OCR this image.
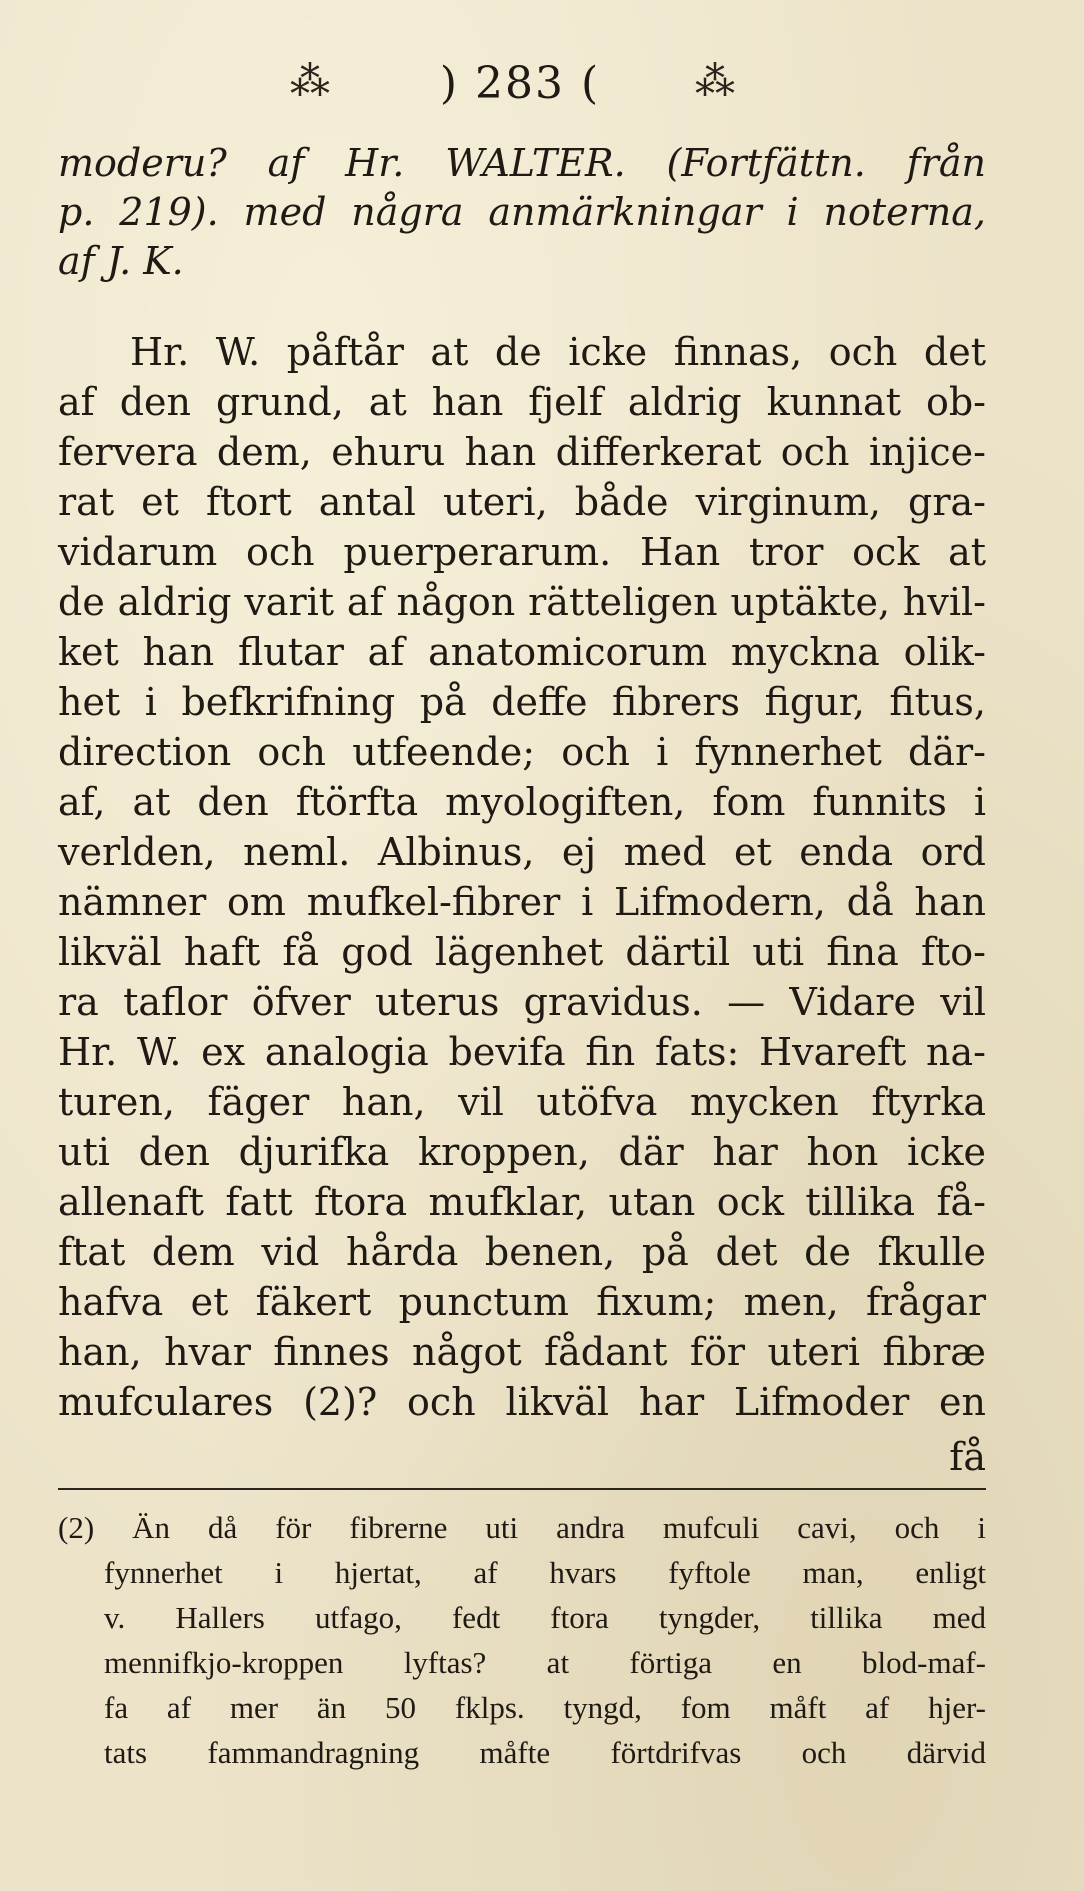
⁂	) 283 (	⁂
moderu? af Hr. WALTER. (Fortfättn. från
p. 219). med några anmärkningar i noterna,
af J. K.
Hr. W. påftår at de icke finnas, och det
af den grund, at han fjelf aldrig kunnat ob-
fervera dem, ehuru han differkerat och injice-
rat et ftort antal uteri, både virginum, gra-
vidarum och puerperarum. Han tror ock at
de aldrig varit af någon rätteligen uptäkte, hvil-
ket han flutar af anatomicorum myckna olik-
het i befkrifning på deffe fibrers figur, fitus,
direction och utfeende; och i fynnerhet där-
af, at den ftörfta myologiften, fom funnits i
verlden, neml. Albinus, ej med et enda ord
nämner om mufkel-fibrer i Lifmodern, då han
likväl haft få god lägenhet därtil uti fina fto-
ra taflor öfver uterus gravidus. — Vidare vil
Hr. W. ex analogia bevifa fin fats: Hvareft na-
turen, fäger han, vil utöfva mycken ftyrka
uti den djurifka kroppen, där har hon icke
allenaft fatt ftora mufklar, utan ock tillika få-
ftat dem vid hårda benen, på det de fkulle
hafva et fäkert punctum fixum; men, frågar
han, hvar finnes något fådant för uteri fibræ
mufculares (2)? och likväl har Lifmoder en
få
(2) Än då för fibrerne uti andra mufculi cavi, och i
fynnerhet i hjertat, af hvars fyftole man, enligt
v. Hallers utfago, fedt ftora tyngder, tillika med
mennifkjo-kroppen lyftas? at förtiga en blod-maf-
fa af mer än 50 fklps. tyngd, fom måft af hjer-
tats fammandragning måfte förtdrifvas och därvid
